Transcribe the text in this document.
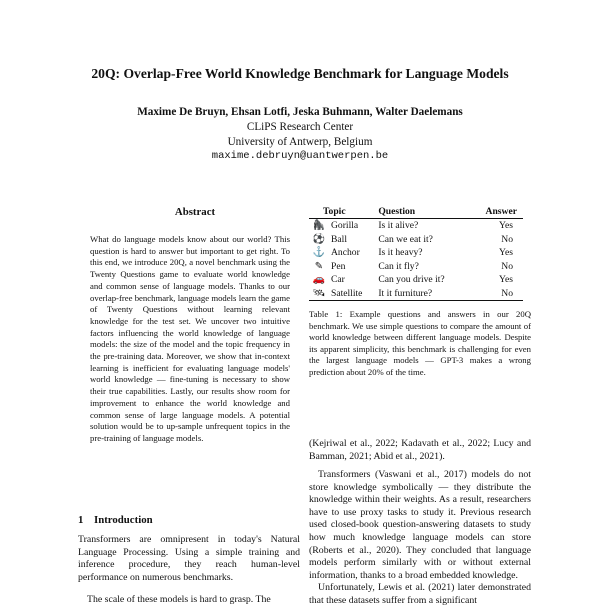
20Q: Overlap-Free World Knowledge Benchmark for Language Models
Maxime De Bruyn, Ehsan Lotfi, Jeska Buhmann, Walter Daelemans
CLiPS Research Center
University of Antwerp, Belgium
maxime.debruyn@uantwerpen.be
Abstract

What do language models know about our world? This question is hard to answer but important to get right. To this end, we introduce 20Q, a novel benchmark using the Twenty Questions game to evaluate world knowledge and common sense of language models. Thanks to our overlap-free benchmark, language models learn the game of Twenty Questions without learning relevant knowledge for the test set. We uncover two intuitive factors influencing the world knowledge of language models: the size of the model and the topic frequency in the pre-training data. Moreover, we show that in-context learning is inefficient for evaluating language models' world knowledge — fine-tuning is necessary to show their true capabilities. Lastly, our results show room for improvement to enhance the world knowledge and common sense of large language models. A potential solution would be to up-sample unfrequent topics in the pre-training of language models.

1 Introduction

Transformers are omnipresent in today's Natural Language Processing. Using a simple training and inference procedure, they reach human-level performance on numerous benchmarks.

The scale of these models is hard to grasp. The

Topic		Question	Answer
🦍	Gorilla	Is it alive?	Yes
⚽	Ball	Can we eat it?	No
⚓	Anchor	Is it heavy?	Yes
✎	Pen	Can it fly?	No
🚗	Car	Can you drive it?	Yes
🛰	Satellite	It it furniture?	No

Table 1: Example questions and answers in our 20Q benchmark. We use simple questions to compare the amount of world knowledge between different language models. Despite its apparent simplicity, this benchmark is challenging for even the largest language models — GPT-3 makes a wrong prediction about 20% of the time.

(Kejriwal et al., 2022; Kadavath et al., 2022; Lucy and Bamman, 2021; Abid et al., 2021).

Transformers (Vaswani et al., 2017) models do not store knowledge symbolically — they distribute the knowledge within their weights. As a result, researchers have to use proxy tasks to study it. Previous research used closed-book question-answering datasets to study how much knowledge language models can store (Roberts et al., 2020). They concluded that language models perform similarly with or without external information, thanks to a broad embedded knowledge.

Unfortunately, Lewis et al. (2021) later demonstrated that these datasets suffer from a significant
